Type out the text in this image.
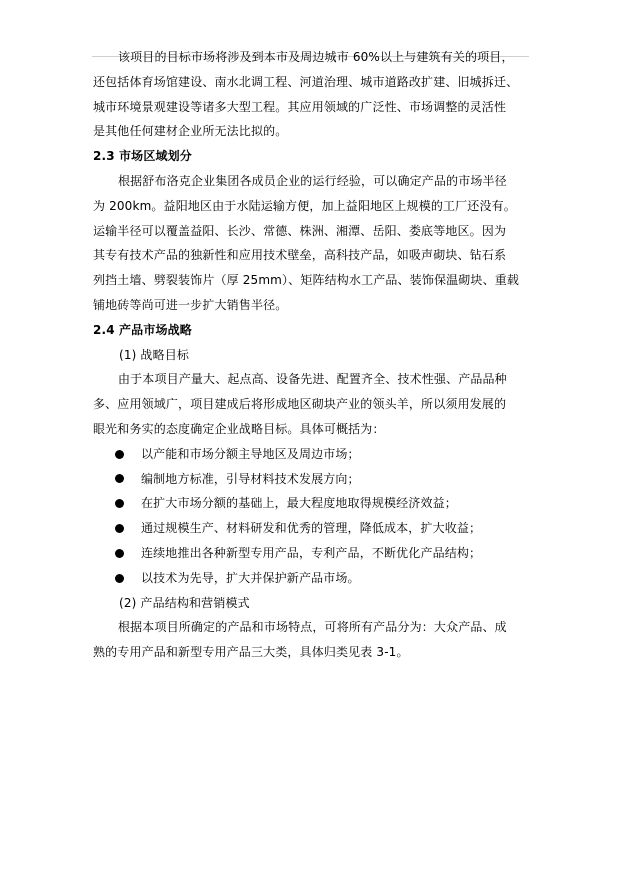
该项目的目标市场将涉及到本市及周边城市 60%以上与建筑有关的项目，
还包括体育场馆建设、南水北调工程、河道治理、城市道路改扩建、旧城拆迁、
城市环境景观建设等诸多大型工程。其应用领域的广泛性、市场调整的灵活性
是其他任何建材企业所无法比拟的。
2.3 市场区域划分
根据舒布洛克企业集团各成员企业的运行经验，可以确定产品的市场半径
为 200km。益阳地区由于水陆运输方便，加上益阳地区上规模的工厂还没有。
运输半径可以覆盖益阳、长沙、常德、株洲、湘潭、岳阳、娄底等地区。因为
其专有技术产品的独新性和应用技术壁垒，高科技产品，如吸声砌块、钻石系
列挡土墙、劈裂装饰片（厚 25mm）、矩阵结构水工产品、装饰保温砌块、重载
铺地砖等尚可进一步扩大销售半径。
2.4 产品市场战略
(1) 战略目标
由于本项目产量大、起点高、设备先进、配置齐全、技术性强、产品品种
多、应用领域广，项目建成后将形成地区砌块产业的领头羊，所以须用发展的
眼光和务实的态度确定企业战略目标。具体可概括为：
以产能和市场分额主导地区及周边市场；
编制地方标准，引导材料技术发展方向；
在扩大市场分额的基础上，最大程度地取得规模经济效益；
通过规模生产、材料研发和优秀的管理，降低成本，扩大收益；
连续地推出各种新型专用产品，专利产品，不断优化产品结构；
以技术为先导，扩大并保护新产品市场。
(2) 产品结构和营销模式
根据本项目所确定的产品和市场特点，可将所有产品分为：大众产品、成
熟的专用产品和新型专用产品三大类，具体归类见表 3-1。
